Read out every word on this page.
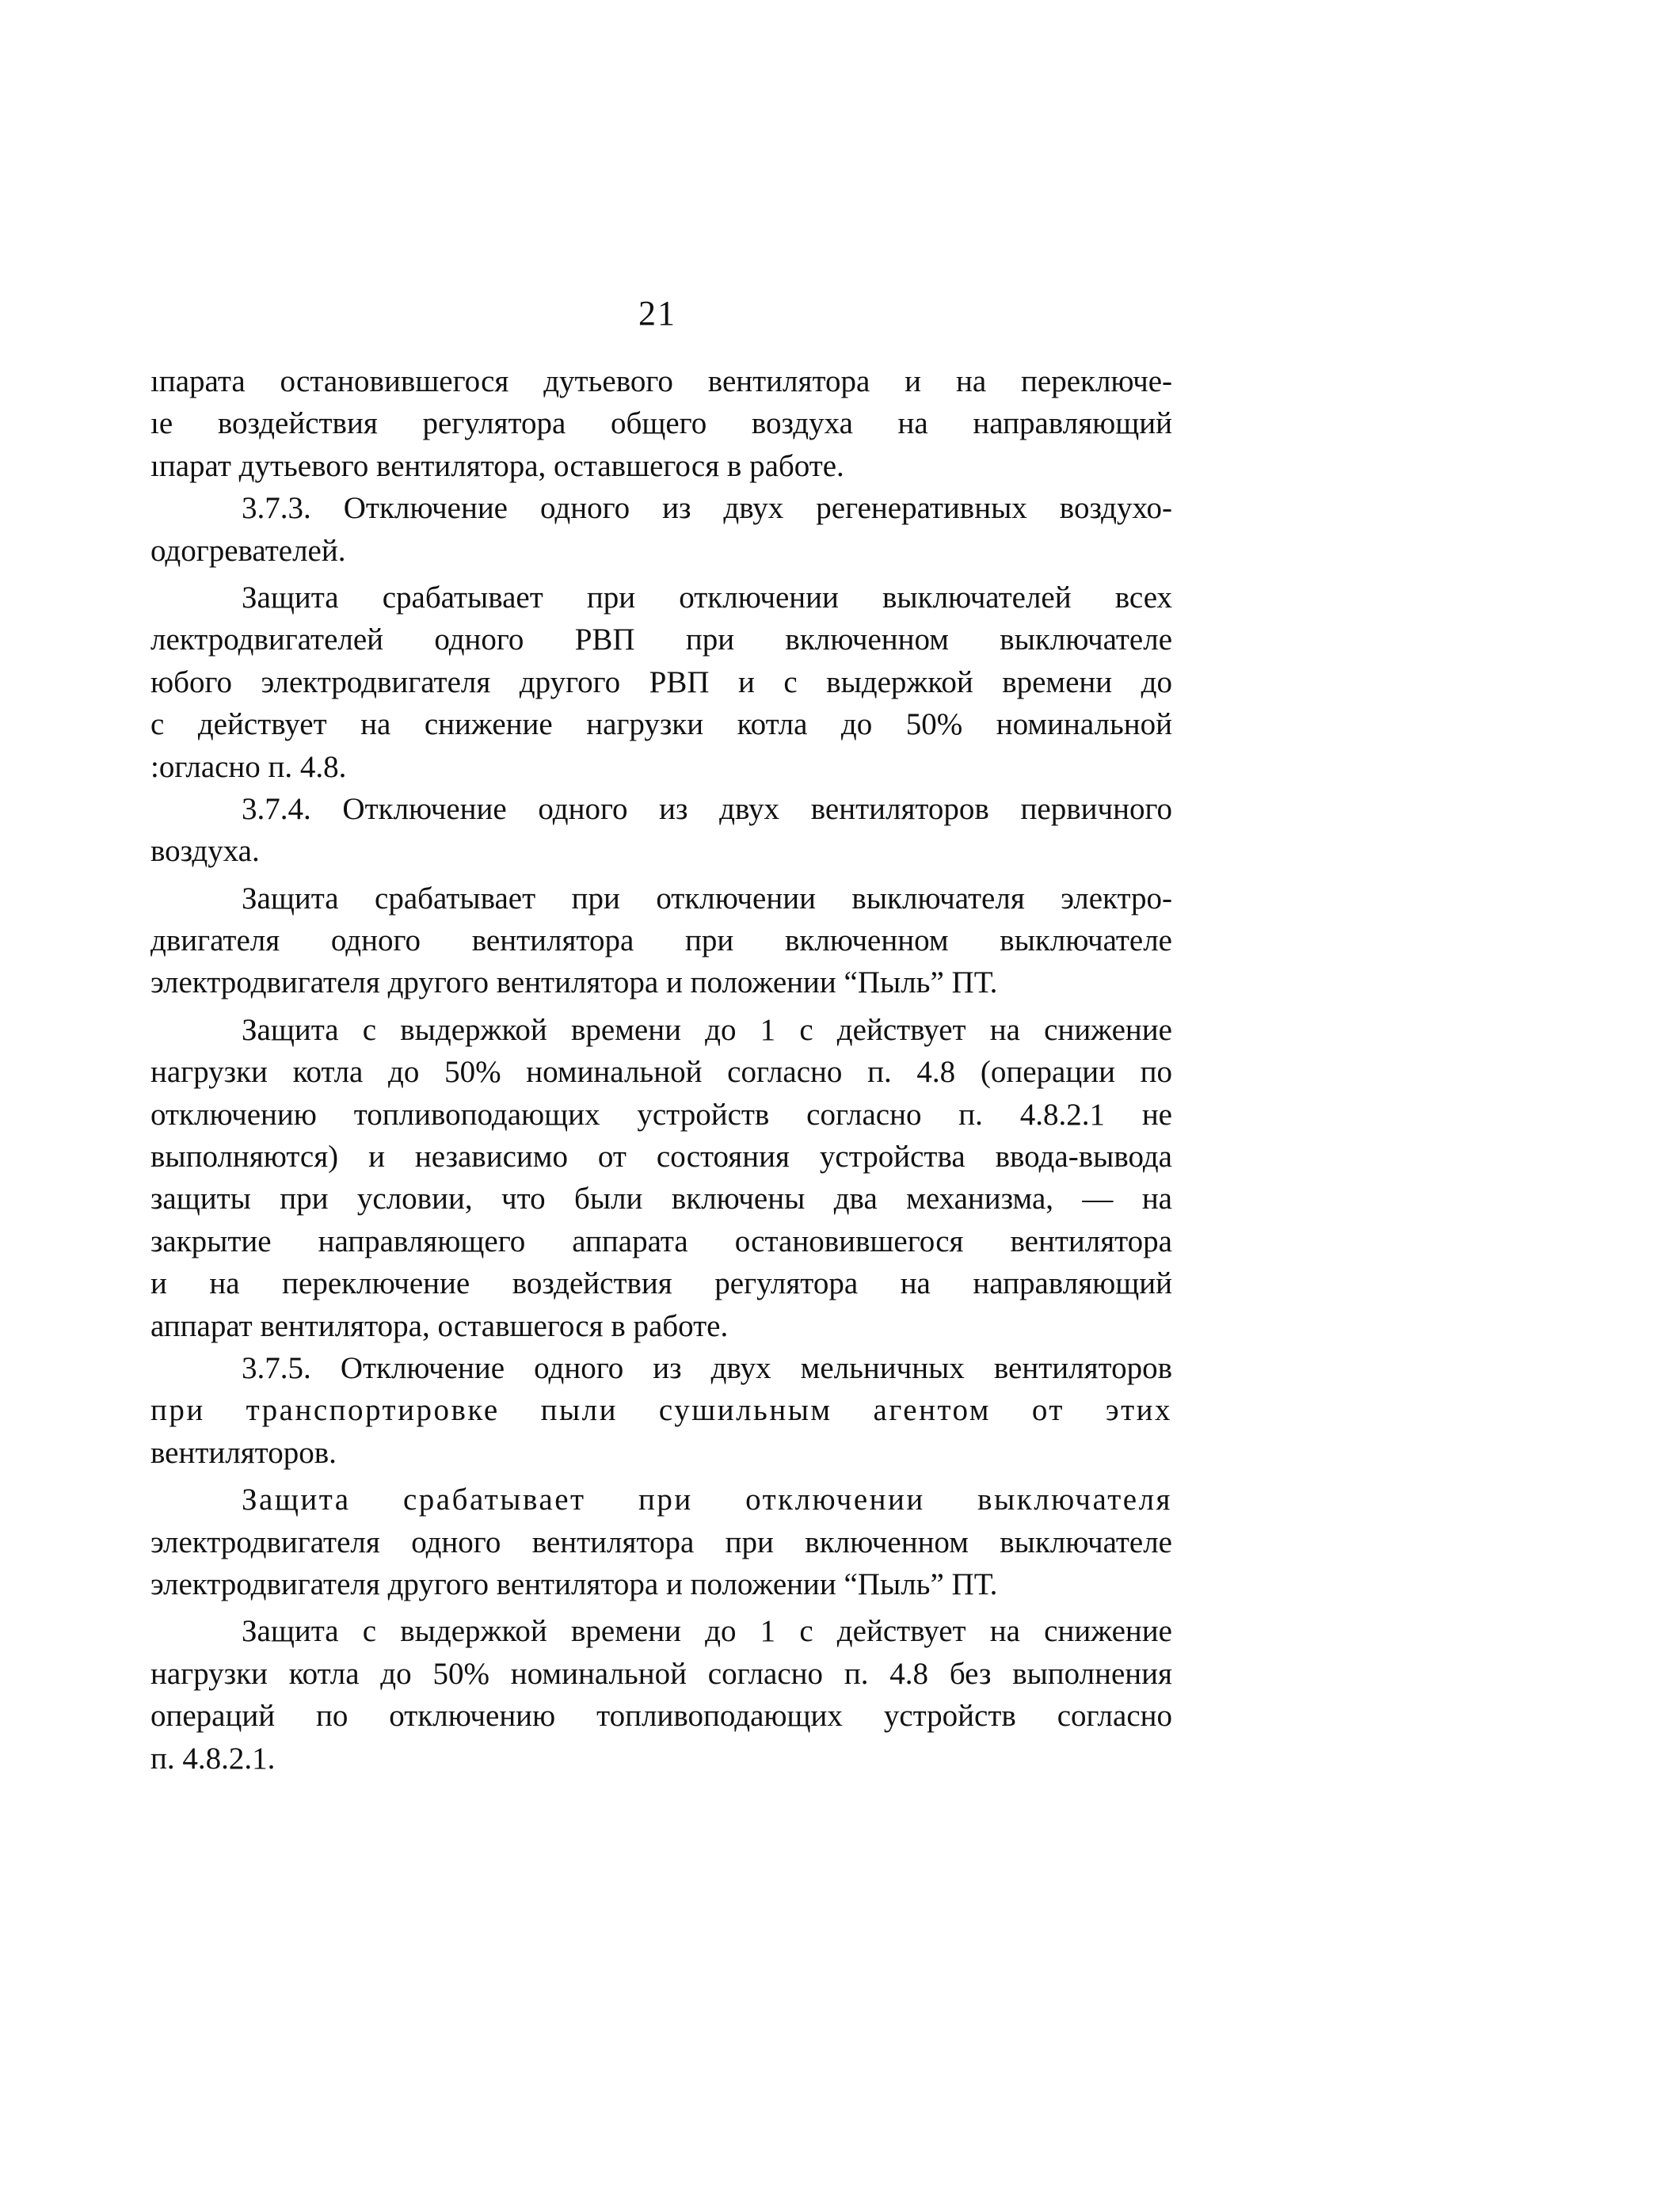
21
ıпарата остановившегося дутьевого вентилятора и на переключе-
ıе воздействия регулятора общего воздуха на направляющий
ıпарат дутьевого вентилятора, оставшегося в работе.
3.7.3. Отключение одного из двух регенеративных воздухо-
одогревателей.
Защита срабатывает при отключении выключателей всех
лектродвигателей одного РВП при включенном выключателе
юбого электродвигателя другого РВП и с выдержкой времени до
с действует на снижение нагрузки котла до 50% номинальной
:огласно п. 4.8.
3.7.4. Отключение одного из двух вентиляторов первичного
воздуха.
Защита срабатывает при отключении выключателя электро-
двигателя одного вентилятора при включенном выключателе
электродвигателя другого вентилятора и положении “Пыль” ПТ.
Защита с выдержкой времени до 1 с действует на снижение
нагрузки котла до 50% номинальной согласно п. 4.8 (операции по
отключению топливоподающих устройств согласно п. 4.8.2.1 не
выполняются) и независимо от состояния устройства ввода-вывода
защиты при условии, что были включены два механизма, — на
закрытие направляющего аппарата остановившегося вентилятора
и на переключение воздействия регулятора на направляющий
аппарат вентилятора, оставшегося в работе.
3.7.5. Отключение одного из двух мельничных вентиляторов
при транспортировке пыли сушильным агентом от этих
вентиляторов.
Защита срабатывает при отключении выключателя
электродвигателя одного вентилятора при включенном выключателе
электродвигателя другого вентилятора и положении “Пыль” ПТ.
Защита с выдержкой времени до 1 с действует на снижение
нагрузки котла до 50% номинальной согласно п. 4.8 без выполнения
операций по отключению топливоподающих устройств согласно
п. 4.8.2.1.
